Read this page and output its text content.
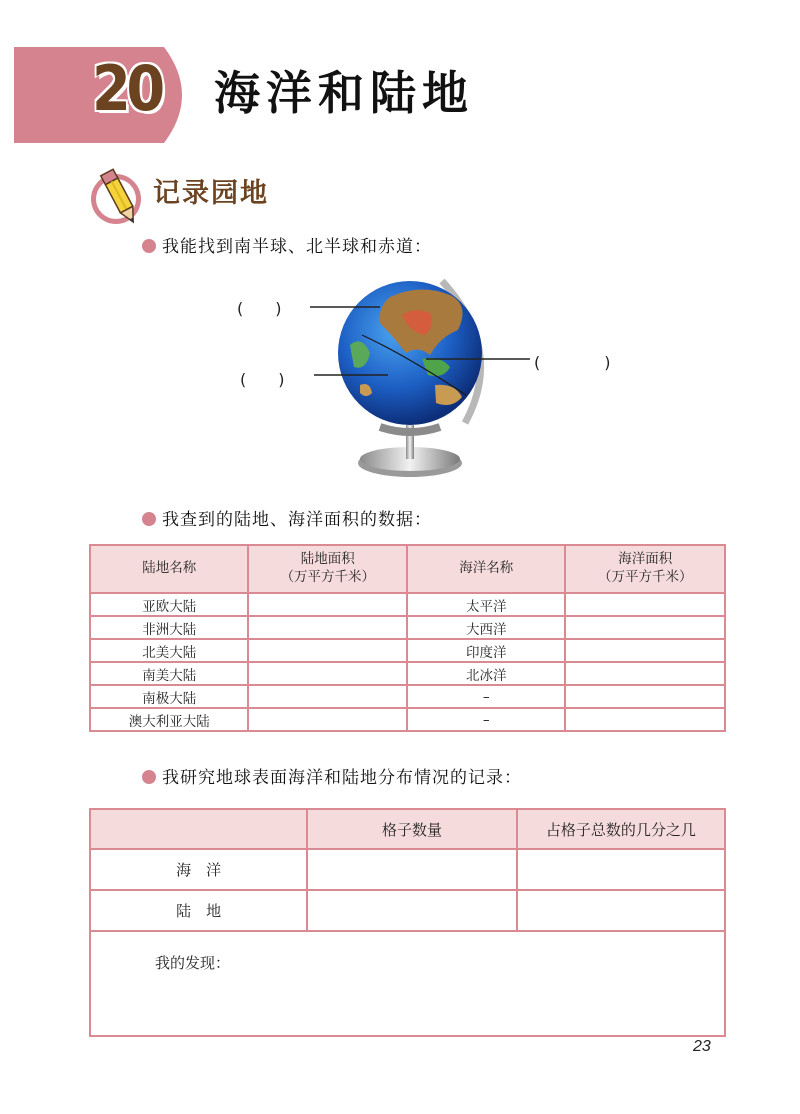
20 海洋和陆地
记录园地
我能找到南半球、北半球和赤道：
(　　)
(　　)
(　　　　)
我查到的陆地、海洋面积的数据：
陆地名称	陆地面积
（万平方千米）	海洋名称	海洋面积
（万平方千米）
亚欧大陆		太平洋	
非洲大陆		大西洋	
北美大陆		印度洋	
南美大陆		北冰洋	
南极大陆		–	
澳大利亚大陆		–	
我研究地球表面海洋和陆地分布情况的记录：
	格子数量	占格子总数的几分之几
海　洋		
陆　地		
我的发现：		
23
